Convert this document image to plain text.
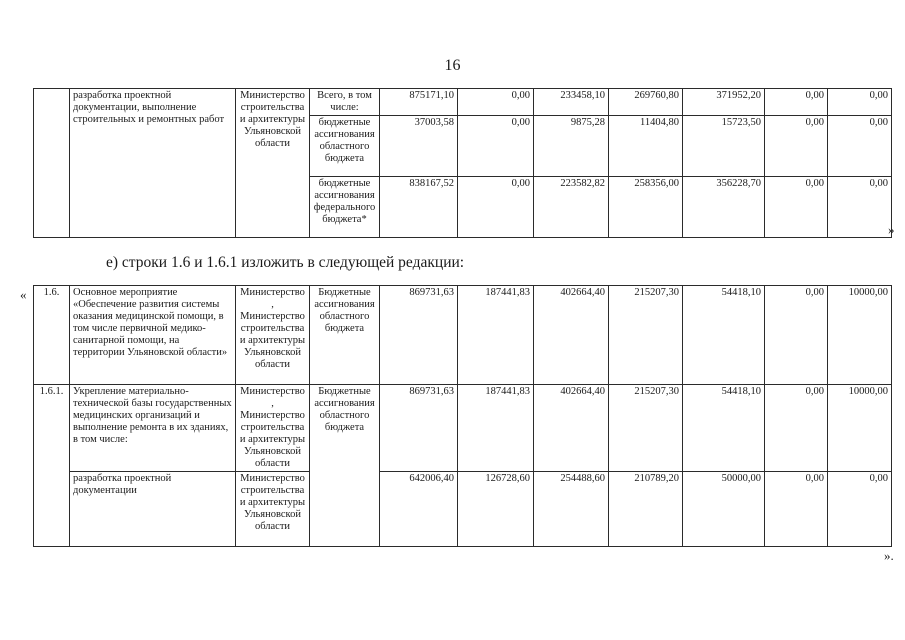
16
	разработка проектной документации, выполнение строительных и ремонтных работ	Министерство строительства и архитектуры Ульяновской области	Всего, в том числе:	875171,10	0,00	233458,10	269760,80	371952,20	0,00	0,00
			бюджетные ассигнования областного бюджета	37003,58	0,00	9875,28	11404,80	15723,50	0,00	0,00
			бюджетные ассигнования федерального бюджета*	838167,52	0,00	223582,82	258356,00	356228,70	0,00	0,00
»
е) строки 1.6 и 1.6.1 изложить в следующей редакции:
« 1.6.	Основное мероприятие «Обеспечение развития системы оказания медицинской помощи, в том числе первичной медико-санитарной помощи, на территории Ульяновской области»	Министерство, Министерство строительства и архитектуры Ульяновской области	Бюджетные ассигнования областного бюджета	869731,63	187441,83	402664,40	215207,30	54418,10	0,00	10000,00
1.6.1.	Укрепление материально-технической базы государственных медицинских организаций и выполнение ремонта в их зданиях, в том числе:	Министерство, Министерство строительства и архитектуры Ульяновской области	Бюджетные ассигнования областного бюджета	869731,63	187441,83	402664,40	215207,30	54418,10	0,00	10000,00
	разработка проектной документации	Министерство строительства и архитектуры Ульяновской области		642006,40	126728,60	254488,60	210789,20	50000,00	0,00	0,00
».
